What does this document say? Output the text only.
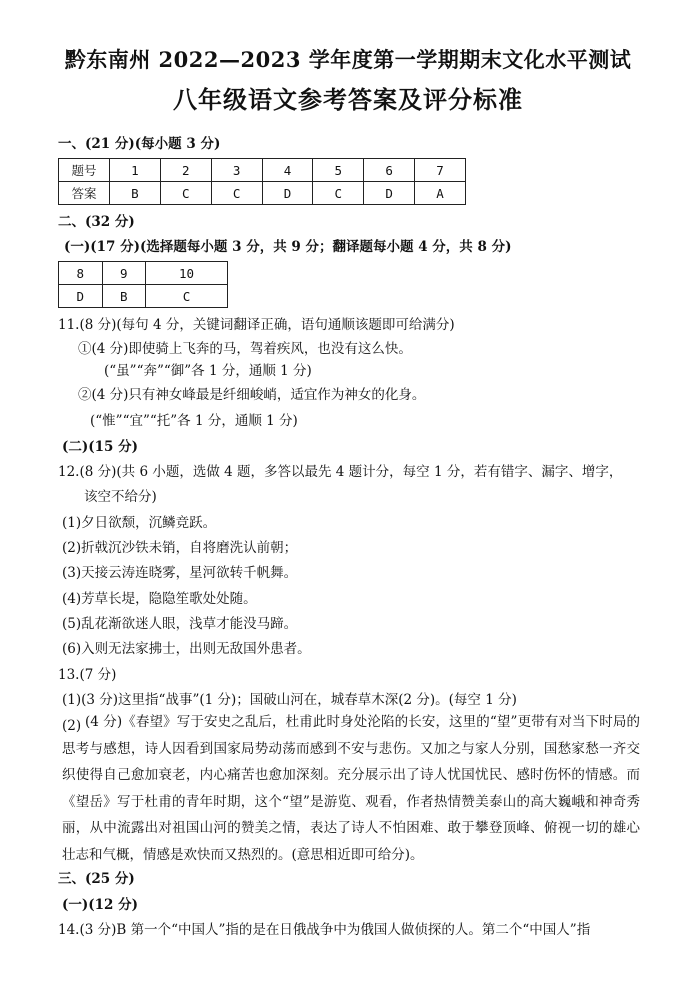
黔东南州 2022—2023 学年度第一学期期末文化水平测试
八年级语文参考答案及评分标准
一、(21 分)(每小题 3 分)
题号	1	2	3	4	5	6	7
答案	B	C	C	D	C	D	A
二、(32 分)
(一)(17 分)(选择题每小题 3 分，共 9 分；翻译题每小题 4 分，共 8 分)
8	9	10
D	B	C
11.(8 分)(每句 4 分，关键词翻译正确，语句通顺该题即可给满分)
①(4 分)即使骑上飞奔的马，驾着疾风，也没有这么快。
(“虽”“奔”“御”各 1 分，通顺 1 分)
②(4 分)只有神女峰最是纤细峻峭，适宜作为神女的化身。
(“惟”“宜”“托”各 1 分，通顺 1 分)
(二)(15 分)
12.(8 分)(共 6 小题，选做 4 题，多答以最先 4 题计分，每空 1 分，若有错字、漏字、增字，
该空不给分)
(1)夕日欲颓，沉鳞竞跃。
(2)折戟沉沙铁未销，自将磨洗认前朝；
(3)天接云涛连晓雾，星河欲转千帆舞。
(4)芳草长堤，隐隐笙歌处处随。
(5)乱花渐欲迷人眼，浅草才能没马蹄。
(6)入则无法家拂士，出则无敌国外患者。
13.(7 分)
(1)(3 分)这里指“战事”(1 分)；国破山河在，城春草木深(2 分)。(每空 1 分)
(2) (4 分)《春望》写于安史之乱后，杜甫此时身处沦陷的长安，这里的“望”更带有对当下时局的思考与感想，诗人因看到国家局势动荡而感到不安与悲伤。又加之与家人分别，国愁家愁一齐交织使得自己愈加衰老，内心痛苦也愈加深刻。充分展示出了诗人忧国忧民、感时伤怀的情感。而《望岳》写于杜甫的青年时期，这个“望”是游览、观看，作者热情赞美泰山的高大巍峨和神奇秀丽，从中流露出对祖国山河的赞美之情，表达了诗人不怕困难、敢于攀登顶峰、俯视一切的雄心壮志和气概，情感是欢快而又热烈的。(意思相近即可给分)。
三、(25 分)
(一)(12 分)
14.(3 分)B 第一个“中国人”指的是在日俄战争中为俄国人做侦探的人。第二个“中国人”指
